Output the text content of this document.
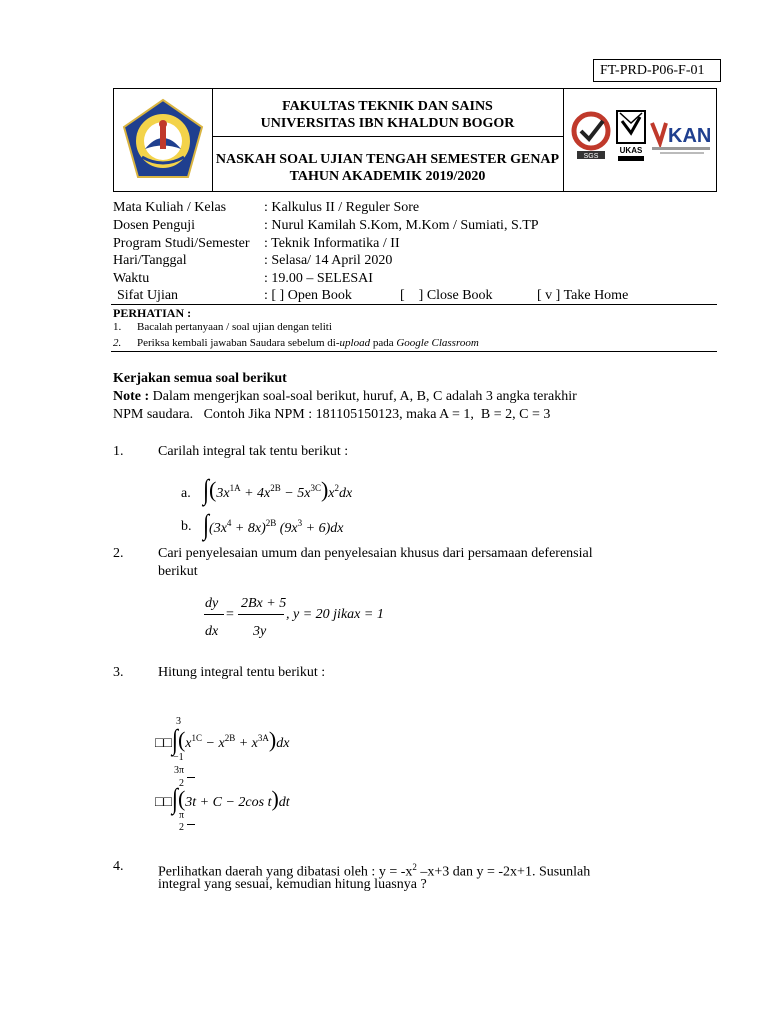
FT-PRD-P06-F-01
FAKULTAS TEKNIK DAN SAINS
UNIVERSITAS IBN KHALDUN BOGOR
NASKAH SOAL UJIAN TENGAH SEMESTER GENAP
TAHUN AKADEMIK 2019/2020
SGS
UKAS
KAN
Mata Kuliah / Kelas	: Kalkulus II / Reguler Sore
Dosen Penguji	: Nurul Kamilah S.Kom, M.Kom / Sumiati, S.TP
Program Studi/Semester : Teknik Informatika / II
Hari/Tanggal	: Selasa/ 14 April 2020
Waktu	: 19.00 – SELESAI
Sifat Ujian	: [ ] Open Book	[    ] Close Book	[ v ] Take Home
PERHATIAN :
1. Bacalah pertanyaan / soal ujian dengan teliti
2. Periksa kembali jawaban Saudara sebelum di-upload pada Google Classroom
Kerjakan semua soal berikut
Note : Dalam mengerjkan soal-soal berikut, huruf, A, B, C adalah 3 angka terakhir
NPM saudara.   Contoh Jika NPM : 181105150123, maka A = 1,  B = 2, C = 3
1. Carilah integral tak tentu berikut :
a. $\int(3x^{1A} + 4x^{2B} - 5x^{3C})x^2dx$
b. $\int(3x^4 + 8x)^{2B}$ $(9x^3 + 6)dx$
2. Cari penyelesaian umum dan penyelesaian khusus dari persamaan deferensial
berikut
dy
dx
=
2Bx + 5
3y
, y = 20 jikax = 1
3. Hitung integral tentu berikut :
3
$□□\int(x^{1C} - x^{2B} + x^{3A})dx$
−1
3π
2
□□∫(3t + C − 2cos t)dt
π
2
4. Perlihatkan daerah yang dibatasi oleh : $y = -x^2$ –x+3 dan y = -2x+1. Susunlah
integral yang sesuai, kemudian hitung luasnya ?
